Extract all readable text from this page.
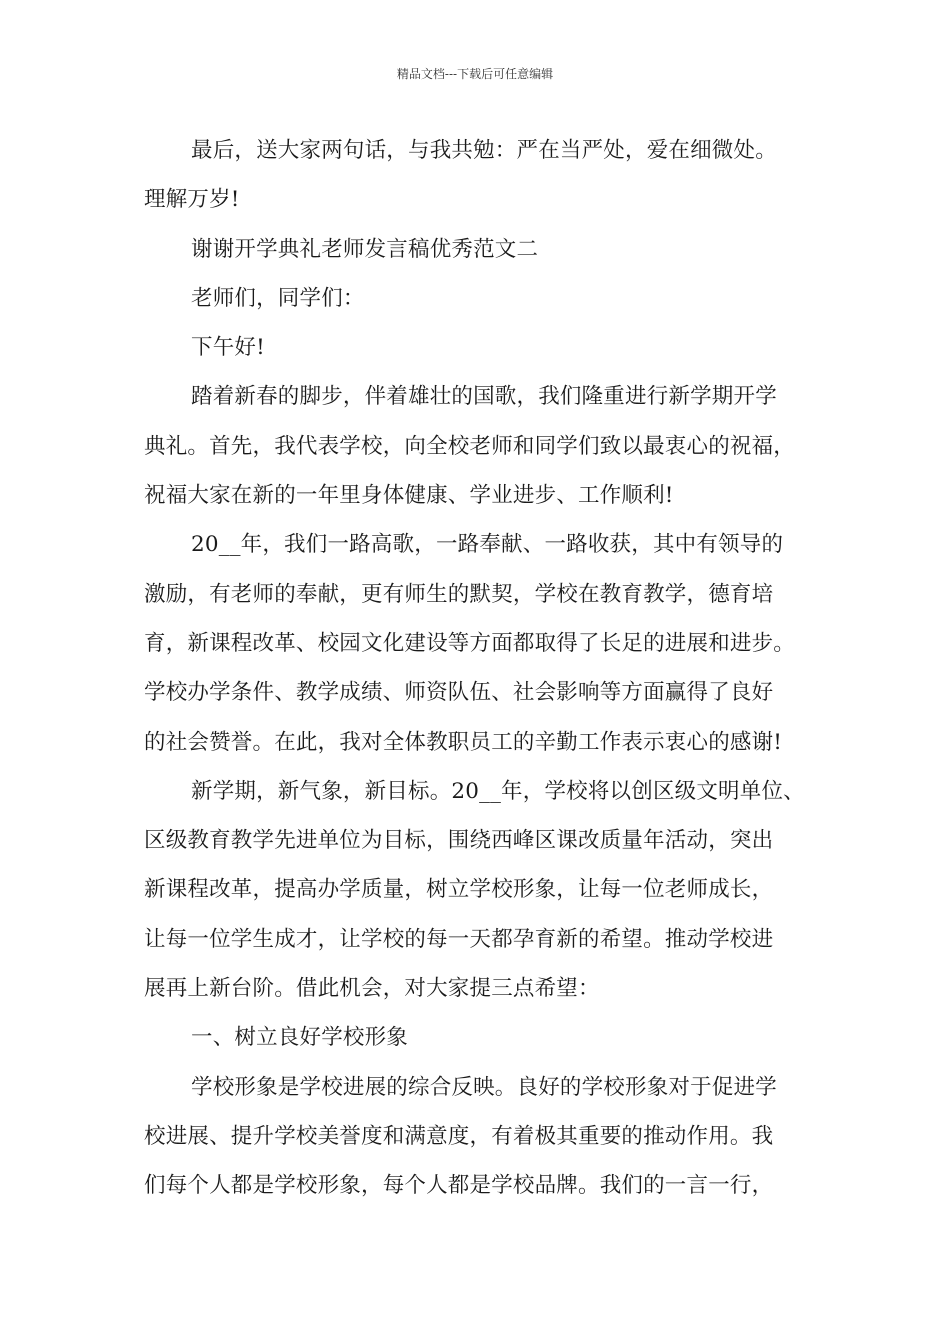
精品文档---下载后可任意编辑
最后，送大家两句话，与我共勉：严在当严处，爱在细微处。
理解万岁!
谢谢开学典礼老师发言稿优秀范文二
老师们，同学们：
下午好!
踏着新春的脚步，伴着雄壮的国歌，我们隆重进行新学期开学
典礼。首先，我代表学校，向全校老师和同学们致以最衷心的祝福，
祝福大家在新的一年里身体健康、学业进步、工作顺利!
20__年，我们一路高歌，一路奉献、一路收获，其中有领导的
激励，有老师的奉献，更有师生的默契，学校在教育教学，德育培
育，新课程改革、校园文化建设等方面都取得了长足的进展和进步。
学校办学条件、教学成绩、师资队伍、社会影响等方面赢得了良好
的社会赞誉。在此，我对全体教职员工的辛勤工作表示衷心的感谢!
新学期，新气象，新目标。20__年，学校将以创区级文明单位、
区级教育教学先进单位为目标，围绕西峰区课改质量年活动，突出
新课程改革，提高办学质量，树立学校形象，让每一位老师成长，
让每一位学生成才，让学校的每一天都孕育新的希望。推动学校进
展再上新台阶。借此机会，对大家提三点希望：
一、树立良好学校形象
学校形象是学校进展的综合反映。良好的学校形象对于促进学
校进展、提升学校美誉度和满意度，有着极其重要的推动作用。我
们每个人都是学校形象，每个人都是学校品牌。我们的一言一行，
